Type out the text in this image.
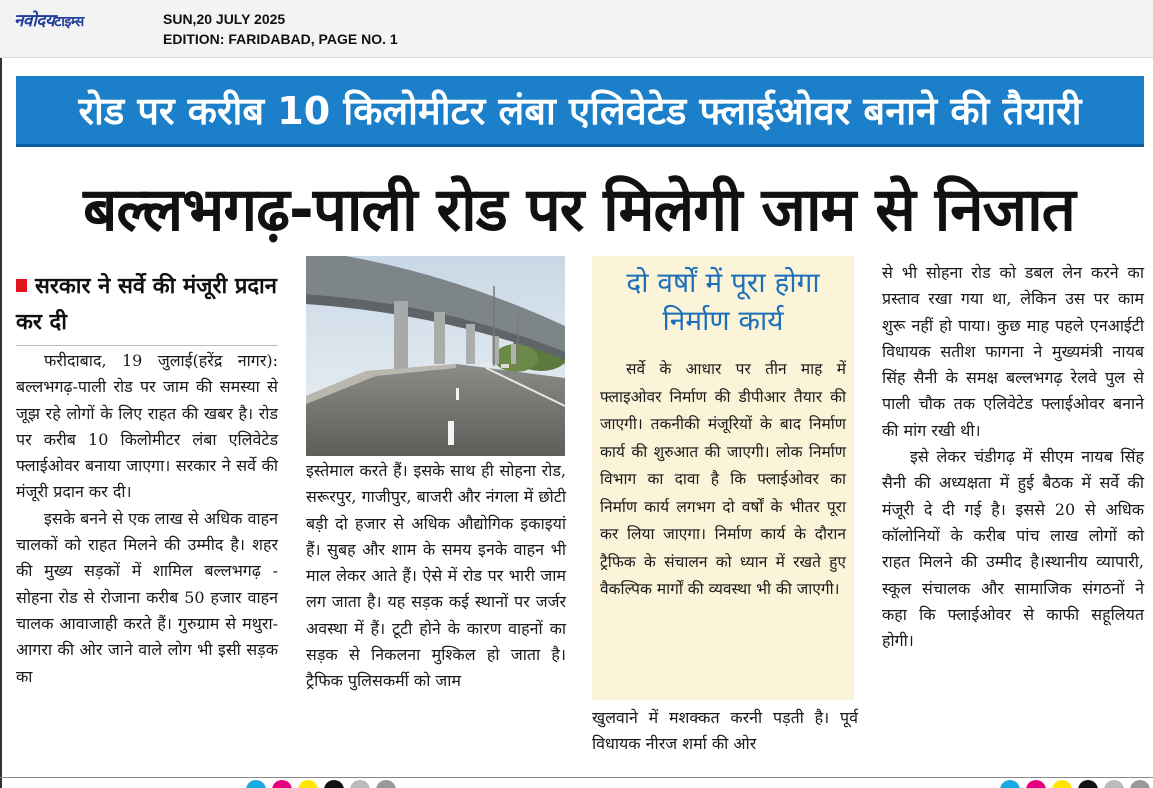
नवोदयटाइम्स	SUN,20 JULY 2025
EDITION: FARIDABAD, PAGE NO. 1
रोड पर करीब 10 किलोमीटर लंबा एलिवेटेड फ्लाईओवर बनाने की तैयारी
बल्लभगढ़-पाली रोड पर मिलेगी जाम से निजात
सरकार ने सर्वे की मंजूरी प्रदान कर दी

फरीदाबाद, 19 जुलाई(हरेंद्र नागर): बल्लभगढ़-पाली रोड पर जाम की समस्या से जूझ रहे लोगों के लिए राहत की खबर है। रोड पर करीब 10 किलोमीटर लंबा एलिवेटेड फ्लाईओवर बनाया जाएगा। सरकार ने सर्वे की मंजूरी प्रदान कर दी।

इसके बनने से एक लाख से अधिक वाहन चालकों को राहत मिलने की उम्मीद है। शहर की मुख्य सड़कों में शामिल बल्लभगढ़ - सोहना रोड से रोजाना करीब 50 हजार वाहन चालक आवाजाही करते हैं। गुरुग्राम से मथुरा-आगरा की ओर जाने वाले लोग भी इसी सड़क का

इस्तेमाल करते हैं। इसके साथ ही सोहना रोड, सरूरपुर, गाजीपुर, बाजरी और नंगला में छोटी बड़ी दो हजार से अधिक औद्योगिक इकाइयां हैं। सुबह और शाम के समय इनके वाहन भी माल लेकर आते हैं। ऐसे में रोड पर भारी जाम लग जाता है। यह सड़क कई स्थानों पर जर्जर अवस्था में हैं। टूटी होने के कारण वाहनों का सड़क से निकलना मुश्किल हो जाता है। ट्रैफिक पुलिसकर्मी को जाम

दो वर्षों में पूरा होगा
निर्माण कार्य

सर्वे के आधार पर तीन माह में फ्लाइओवर निर्माण की डीपीआर तैयार की जाएगी। तकनीकी मंजूरियों के बाद निर्माण कार्य की शुरुआत की जाएगी। लोक निर्माण विभाग का दावा है कि फ्लाईओवर का निर्माण कार्य लगभग दो वर्षों के भीतर पूरा कर लिया जाएगा। निर्माण कार्य के दौरान ट्रैफिक के संचालन को ध्यान में रखते हुए वैकल्पिक मार्गों की व्यवस्था भी की जाएगी।

खुलवाने में मशक्कत करनी पड़ती है। पूर्व विधायक नीरज शर्मा की ओर

से भी सोहना रोड को डबल लेन करने का प्रस्ताव रखा गया था, लेकिन उस पर काम शुरू नहीं हो पाया। कुछ माह पहले एनआईटी विधायक सतीश फागना ने मुख्यमंत्री नायब सिंह सैनी के समक्ष बल्लभगढ़ रेलवे पुल से पाली चौक तक एलिवेटेड फ्लाईओवर बनाने की मांग रखी थी।

इसे लेकर चंडीगढ़ में सीएम नायब सिंह सैनी की अध्यक्षता में हुई बैठक में सर्वे की मंजूरी दे दी गई है। इससे 20 से अधिक कॉलोनियों के करीब पांच लाख लोगों को राहत मिलने की उम्मीद है।स्थानीय व्यापारी, स्कूल संचालक और सामाजिक संगठनों ने कहा कि फ्लाईओवर से काफी सहूलियत होगी।
